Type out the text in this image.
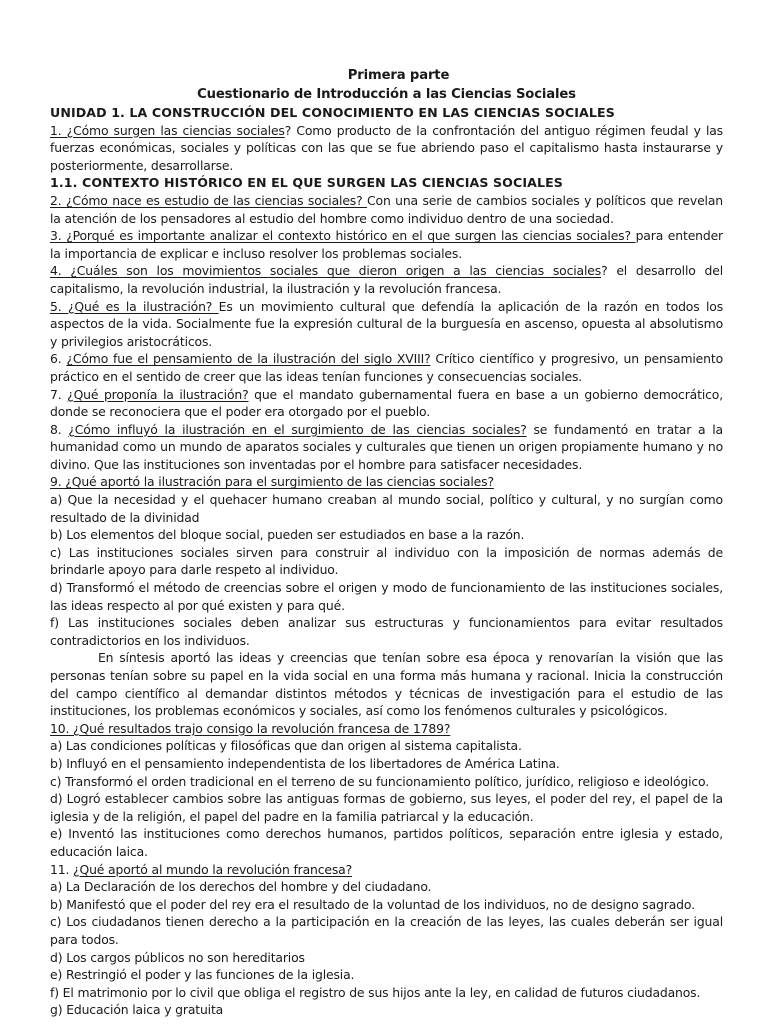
Primera parte
Cuestionario de Introducción a las Ciencias Sociales
UNIDAD 1. LA CONSTRUCCIÓN DEL CONOCIMIENTO EN LAS CIENCIAS SOCIALES
1. ¿Cómo surgen las ciencias sociales? Como producto de la confrontación del antiguo régimen feudal y las fuerzas económicas, sociales y políticas con las que se fue abriendo paso el capitalismo hasta instaurarse y posteriormente, desarrollarse.
1.1. CONTEXTO HISTÓRICO EN EL QUE SURGEN LAS CIENCIAS SOCIALES
2. ¿Cómo nace es estudio de las ciencias sociales? Con una serie de cambios sociales y políticos que revelan la atención de los pensadores al estudio del hombre como individuo dentro de una sociedad.
3. ¿Porqué es importante analizar el contexto histórico en el que surgen las ciencias sociales? para entender la importancia de explicar e incluso resolver los problemas sociales.
4. ¿Cuáles son los movimientos sociales que dieron origen a las ciencias sociales? el desarrollo del capitalismo, la revolución industrial, la ilustración y la revolución francesa.
5. ¿Qué es la ilustración? Es un movimiento cultural que defendía la aplicación de la razón en todos los aspectos de la vida. Socialmente fue la expresión cultural de la burguesía en ascenso, opuesta al absolutismo y privilegios aristocráticos.
6. ¿Cómo fue el pensamiento de la ilustración del siglo XVIII? Crítico científico y progresivo, un pensamiento práctico en el sentido de creer que las ideas tenían funciones y consecuencias sociales.
7. ¿Qué proponía la ilustración? que el mandato gubernamental fuera en base a un gobierno democrático, donde se reconociera que el poder era otorgado por el pueblo.
8. ¿Cómo influyó la ilustración en el surgimiento de las ciencias sociales? se fundamentó en tratar a la humanidad como un mundo de aparatos sociales y culturales que tienen un origen propiamente humano y no divino. Que las instituciones son inventadas por el hombre para satisfacer necesidades.
9. ¿Qué aportó la ilustración para el surgimiento de las ciencias sociales?
a) Que la necesidad y el quehacer humano creaban al mundo social, político y cultural, y no surgían como resultado de la divinidad
b) Los elementos del bloque social, pueden ser estudiados en base a la razón.
c) Las instituciones sociales sirven para construir al individuo con la imposición de normas además de brindarle apoyo para darle respeto al individuo.
d) Transformó el método de creencias sobre el origen y modo de funcionamiento de las instituciones sociales, las ideas respecto al por qué existen y para qué.
f) Las instituciones sociales deben analizar sus estructuras y funcionamientos para evitar resultados contradictorios en los individuos.
En síntesis aportó las ideas y creencias que tenían sobre esa época y renovarían la visión que las personas tenían sobre su papel en la vida social en una forma más humana y racional. Inicia la construcción del campo científico al demandar distintos métodos y técnicas de investigación para el estudio de las instituciones, los problemas económicos y sociales, así como los fenómenos culturales y psicológicos.
10. ¿Qué resultados trajo consigo la revolución francesa de 1789?
a) Las condiciones políticas y filosóficas que dan origen al sistema capitalista.
b) Influyó en el pensamiento independentista de los libertadores de América Latina.
c) Transformó el orden tradicional en el terreno de su funcionamiento político, jurídico, religioso e ideológico.
d) Logró establecer cambios sobre las antiguas formas de gobierno, sus leyes, el poder del rey, el papel de la iglesia y de la religión, el papel del padre en la familia patriarcal y la educación.
e) Inventó las instituciones como derechos humanos, partidos políticos, separación entre iglesia y estado, educación laica.
11. ¿Qué aportó al mundo la revolución francesa?
a) La Declaración de los derechos del hombre y del ciudadano.
b) Manifestó que el poder del rey era el resultado de la voluntad de los individuos, no de designo sagrado.
c) Los ciudadanos tienen derecho a la participación en la creación de las leyes, las cuales deberán ser igual para todos.
d) Los cargos públicos no son hereditarios
e) Restringió el poder y las funciones de la iglesia.
f) El matrimonio por lo civil que obliga el registro de sus hijos ante la ley, en calidad de futuros ciudadanos.
g) Educación laica y gratuita
